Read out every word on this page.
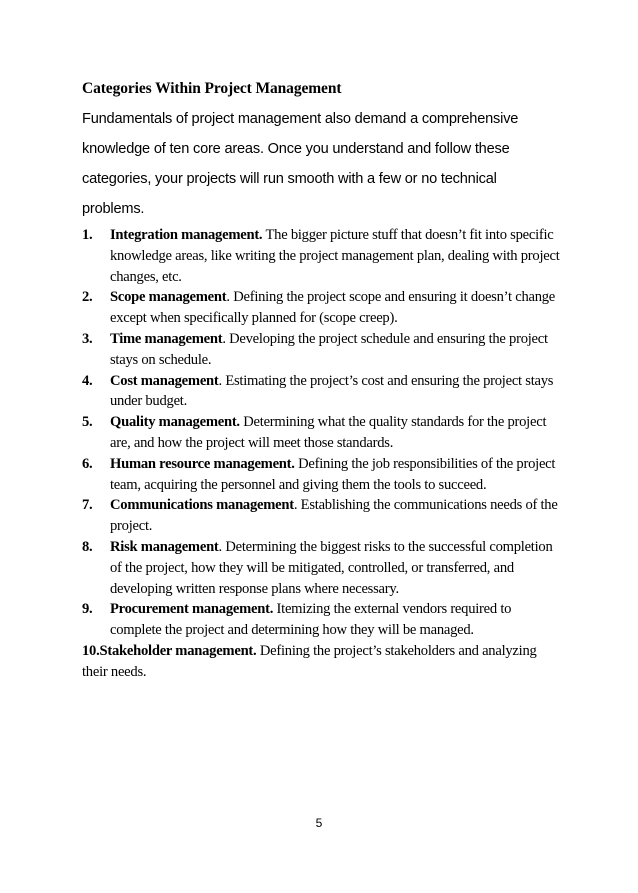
Categories Within Project Management

Fundamentals of project management also demand a comprehensive knowledge of ten core areas. Once you understand and follow these categories, your projects will run smooth with a few or no technical problems.

1.	Integration management. The bigger picture stuff that doesn’t fit into specific knowledge areas, like writing the project management plan, dealing with project changes, etc.
2.	Scope management. Defining the project scope and ensuring it doesn’t change except when specifically planned for (scope creep).
3.	Time management. Developing the project schedule and ensuring the project stays on schedule.
4.	Cost management. Estimating the project’s cost and ensuring the project stays under budget.
5.	Quality management. Determining what the quality standards for the project are, and how the project will meet those standards.
6.	Human resource management. Defining the job responsibilities of the project team, acquiring the personnel and giving them the tools to succeed.
7.	Communications management. Establishing the communications needs of the project.
8.	Risk management. Determining the biggest risks to the successful completion of the project, how they will be mitigated, controlled, or transferred, and developing written response plans where necessary.
9.	Procurement management. Itemizing the external vendors required to complete the project and determining how they will be managed.
10.Stakeholder management. Defining the project’s stakeholders and analyzing their needs.
5
